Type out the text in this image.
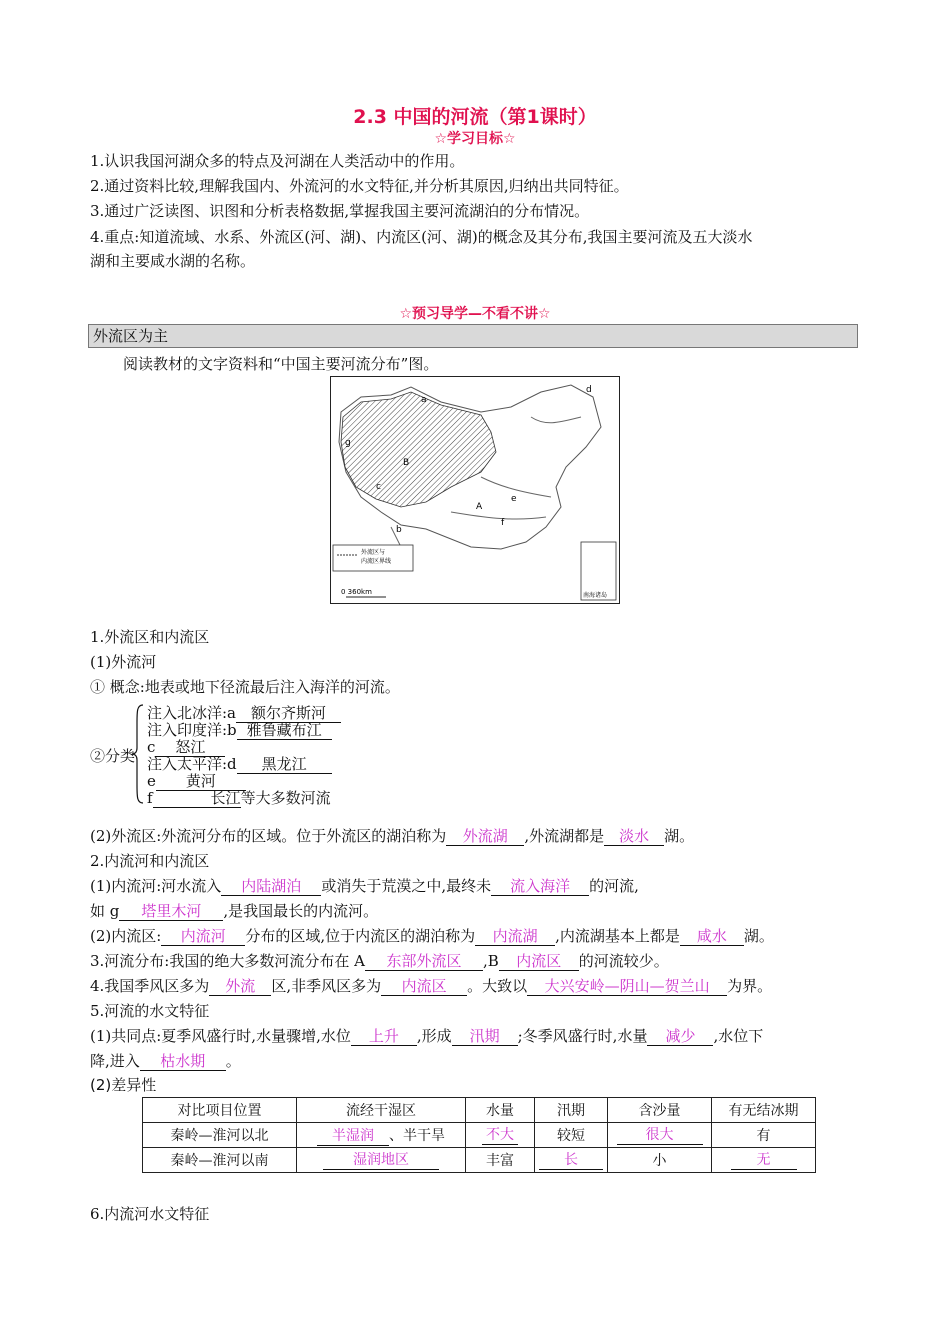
2.3 中国的河流（第1课时）
☆学习目标☆
1.认识我国河湖众多的特点及河湖在人类活动中的作用。
2.通过资料比较,理解我国内、外流河的水文特征,并分析其原因,归纳出共同特征。
3.通过广泛读图、识图和分析表格数据,掌握我国主要河流湖泊的分布情况。
4.重点:知道流域、水系、外流区(河、湖)、内流区(河、湖)的概念及其分布,我国主要河流及五大淡水
湖和主要咸水湖的名称。
☆预习导学—不看不讲☆
外流区为主
阅读教材的文字资料和“中国主要河流分布”图。
a
B
g
d
c
e
A
f
b
外流区与
内流区界线
0 360km	南海诸岛
1.外流区和内流区
(1)外流河
① 概念:地表或地下径流最后注入海洋的河流。
②分类
注入北冰洋:a 额尔齐斯河
注入印度洋:b 雅鲁藏布江
c 怒江
注入太平洋:d 黑龙江
e 黄河
f	长江等大多数河流
(2)外流区:外流河分布的区域。位于外流区的湖泊称为 外流湖 ,外流湖都是 淡水 湖。
2.内流河和内流区
(1)内流河:河水流入 内陆湖泊 或消失于荒漠之中,最终未 流入海洋 的河流,
如 g 塔里木河 ,是我国最长的内流河。
(2)内流区: 内流河 分布的区域,位于内流区的湖泊称为 内流湖 ,内流湖基本上都是 咸水 湖。
3.河流分布:我国的绝大多数河流分布在 A 东部外流区 ,B 内流区 的河流较少。
4.我国季风区多为 外流 区,非季风区多为 内流区 。大致以 大兴安岭—阴山—贺兰山 为界。
5.河流的水文特征
(1)共同点:夏季风盛行时,水量骤增,水位 上升 ,形成 汛期 ;冬季风盛行时,水量 减少 ,水位下
降,进入 枯水期 。
(2)差异性
对比项目位置	流经干湿区	水量	汛期	含沙量	有无结冰期
秦岭—淮河以北	半湿润 、半干旱	不大	较短	很大	有
秦岭—淮河以南	湿润地区	丰富	长	小	无
6.内流河水文特征
